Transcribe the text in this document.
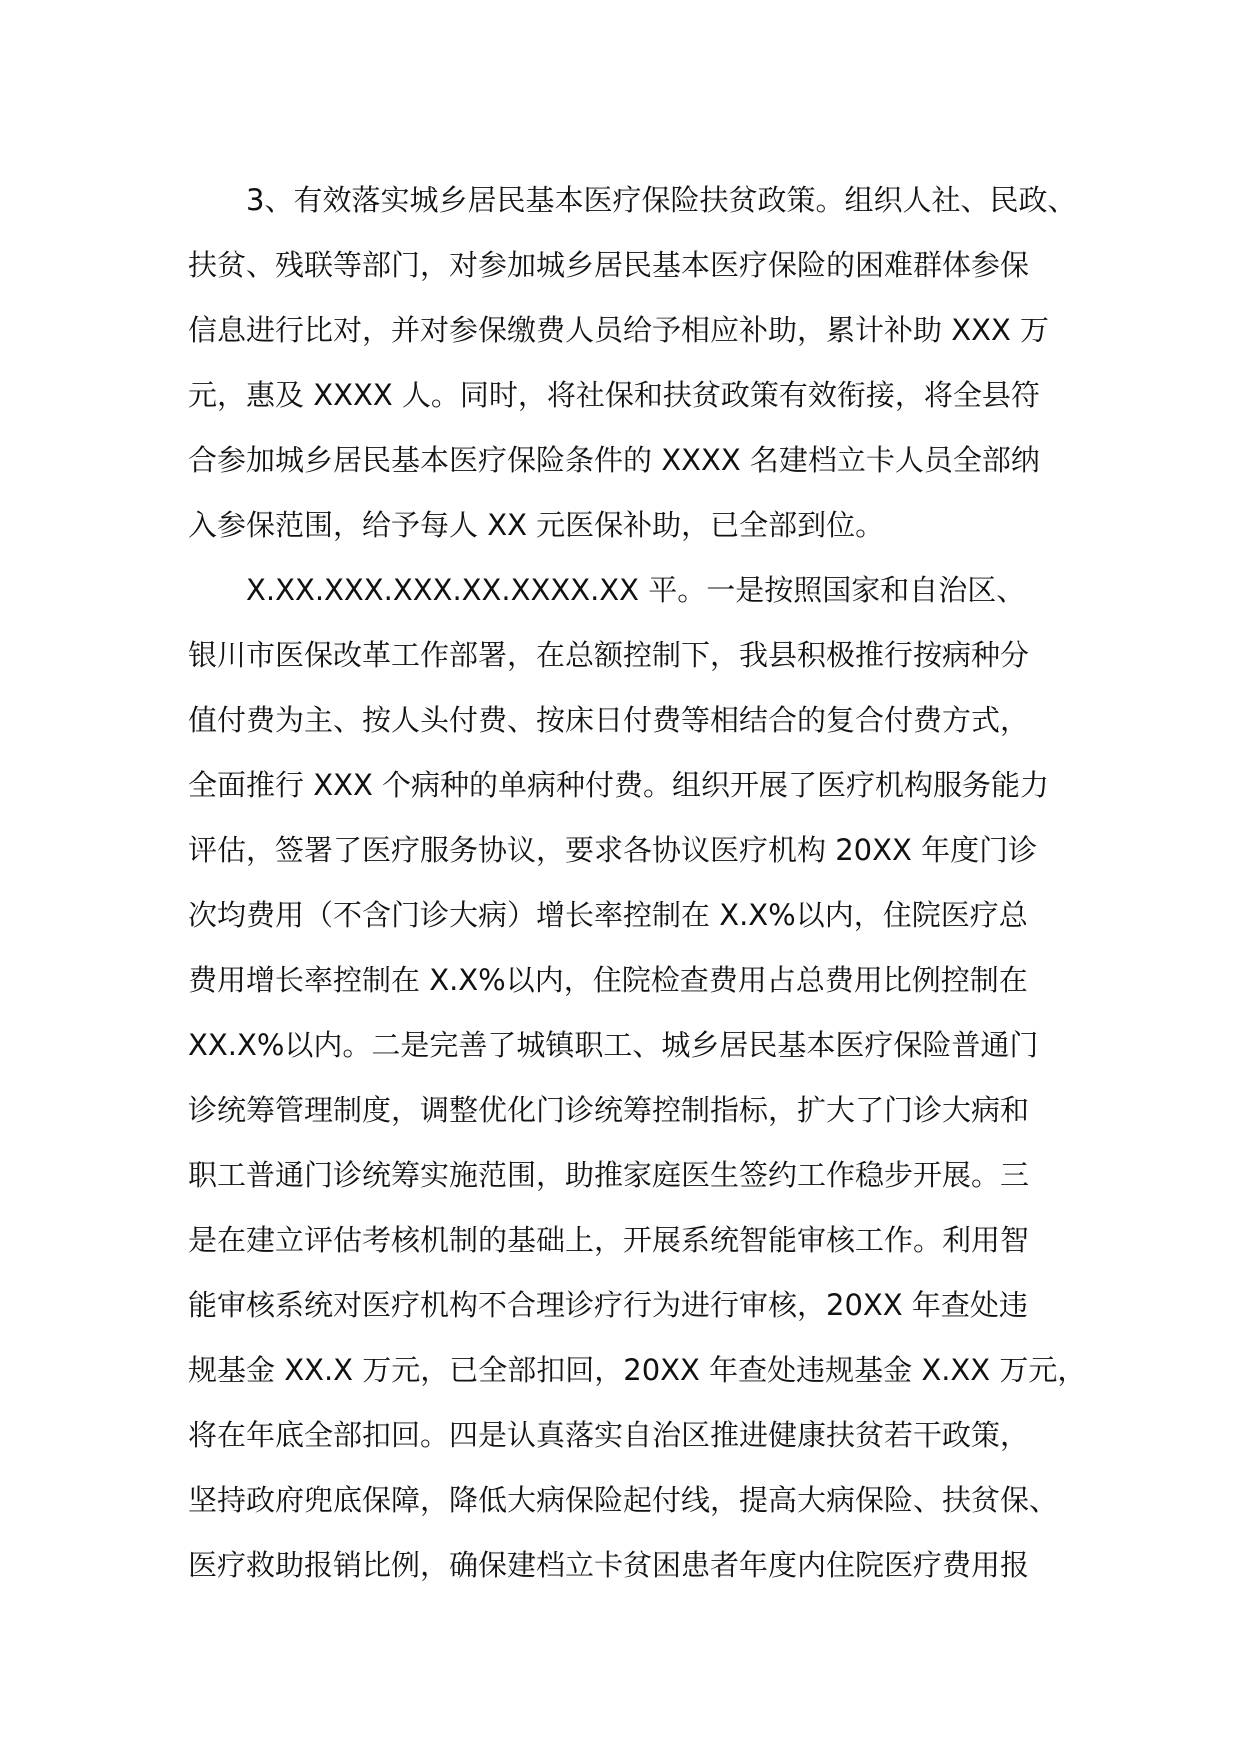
3、有效落实城乡居民基本医疗保险扶贫政策。组织人社、民政、
扶贫、残联等部门，对参加城乡居民基本医疗保险的困难群体参保
信息进行比对，并对参保缴费人员给予相应补助，累计补助 XXX 万
元，惠及 XXXX 人。同时，将社保和扶贫政策有效衔接，将全县符
合参加城乡居民基本医疗保险条件的 XXXX 名建档立卡人员全部纳
入参保范围，给予每人 XX 元医保补助，已全部到位。
X.XX.XXX.XXX.XX.XXXX.XX 平。一是按照国家和自治区、
银川市医保改革工作部署，在总额控制下，我县积极推行按病种分
值付费为主、按人头付费、按床日付费等相结合的复合付费方式，
全面推行 XXX 个病种的单病种付费。组织开展了医疗机构服务能力
评估，签署了医疗服务协议，要求各协议医疗机构 20XX 年度门诊
次均费用（不含门诊大病）增长率控制在 X.X%以内，住院医疗总
费用增长率控制在 X.X%以内，住院检查费用占总费用比例控制在
XX.X%以内。二是完善了城镇职工、城乡居民基本医疗保险普通门
诊统筹管理制度，调整优化门诊统筹控制指标，扩大了门诊大病和
职工普通门诊统筹实施范围，助推家庭医生签约工作稳步开展。三
是在建立评估考核机制的基础上，开展系统智能审核工作。利用智
能审核系统对医疗机构不合理诊疗行为进行审核，20XX 年查处违
规基金 XX.X 万元，已全部扣回，20XX 年查处违规基金 X.XX 万元，
将在年底全部扣回。四是认真落实自治区推进健康扶贫若干政策，
坚持政府兜底保障，降低大病保险起付线，提高大病保险、扶贫保、
医疗救助报销比例，确保建档立卡贫困患者年度内住院医疗费用报
